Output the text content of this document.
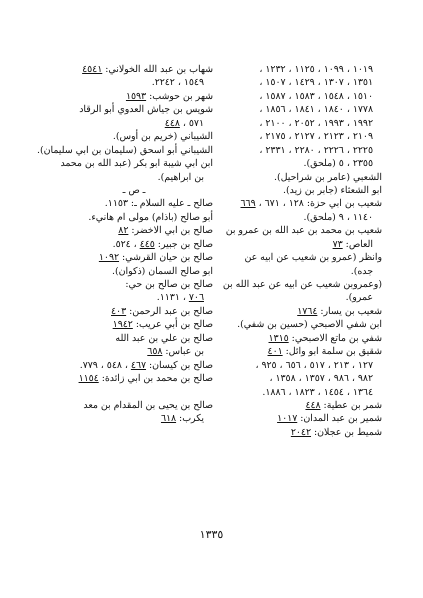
١٠١٩ ، ١٠٩٩ ، ١١٢٥ ، ١٢٣٢ ،
١٣٥١ ، ١٣٠٧ ، ١٤٢٩ ، ١٥٠٧ ،
١٥١٠ ، ١٥٤٨ ، ١٥٨٣ ، ١٥٨٧ ،
١٧٧٨ ، ١٨٤٠ ، ١٨٤١ ، ١٨٥٦ ،
١٩٩٢ ، ١٩٩٣ ، ٢٠٥٢ ، ٢١٠٠ ،
٢١٠٩ ، ٢١٢٣ ، ٢١٢٧ ، ٢١٧٥ ،
٢٢٢٥ ، ٢٢٢٦ ، ٢٢٨٠ ، ٢٣٣١ ،
٢٣٥٥ ، ٥ (ملحق).
الشعبي (عامر بن شراحيل).
ابو الشعثاء (جابر بن زيد).
شعيب بن ابي حزة: ١٢٨ ، ٦٧١ ، ٦٦٩
١١٤٠ ، ٩ (ملحق).
شعيب بن محمد بن عبد الله بن عمرو بن
العاص: ٧٣
وانظر (عمرو بن شعيب عن ابيه عن
جده).
(وعمروبن شعيب عن ابيه عن عبد الله بن
عمرو).
شعيب بن يسار: ١٧٦٤
ابن شفي الاصبحي (حسين بن شفي).
شفي بن ماتع الاصبحي: ١٣١٥
شقيق بن سلمة ابو وائل: ٤٠١
١٢٧ ، ٢١٣ ، ٥١٧ ، ٦٥٦ ، ٩٢٥ ،
٩٨٢ ، ٩٨٦ ، ١٣٥٧ ، ١٣٥٨ ،
١٣٦٤ ، ١٤٥٤ ، ١٨٢٣ ، ١٨٨٦.
شمر بن عطية: ٤٤٨
شمير بن عبد المدان: ١٠١٧
شميط بن عجلان: ٢٠٤٢
شهاب بن عبد الله الخولاني: ٤٥٤١
١٥٤٩ ، ٢٢٤٢.
شهر بن حوشب: ١٥٩٣
شويس بن جياش العدوي أبو الرقاد
٥٧١ ، ٤٤٨
الشيباني (خريم بن أوس).
الشيباني أبو اسحق (سليمان بن ابي سليمان).
ابن ابي شيبة ابو بكر (عبد الله بن محمد
بن ابراهيم).
ـ ص ـ
صالح ـ عليه السلام ـ: ١١٥٣.
أبو صالح (باذام) مولى ام هانيء.
صالح بن ابي الاخضر: ٨٢
صالح بن جبير: ٤٤٥ ، ٥٢٤.
صالح بن حيان القرشي: ١٠٩٢
ابو صالح السمان (ذكوان).
صالح بن صالح بن حي:
٧٠٦ ، ١١٣١.
صالح بن عبد الرحمن: ٤٠٣
صالح بن أبي عريب: ١٩٤٢
صالح بن علي بن عبد الله
بن عباس: ٦٥٨
صالح بن كيسان: ٤٦٧ ، ٥٤٨ ، ٧٧٩.
صالح بن محمد بن ابي زائدة: ١١٥٤
صالح بن يحيى بن المقدام بن معد
يكرب: ٦١٨
١٣٣٥
